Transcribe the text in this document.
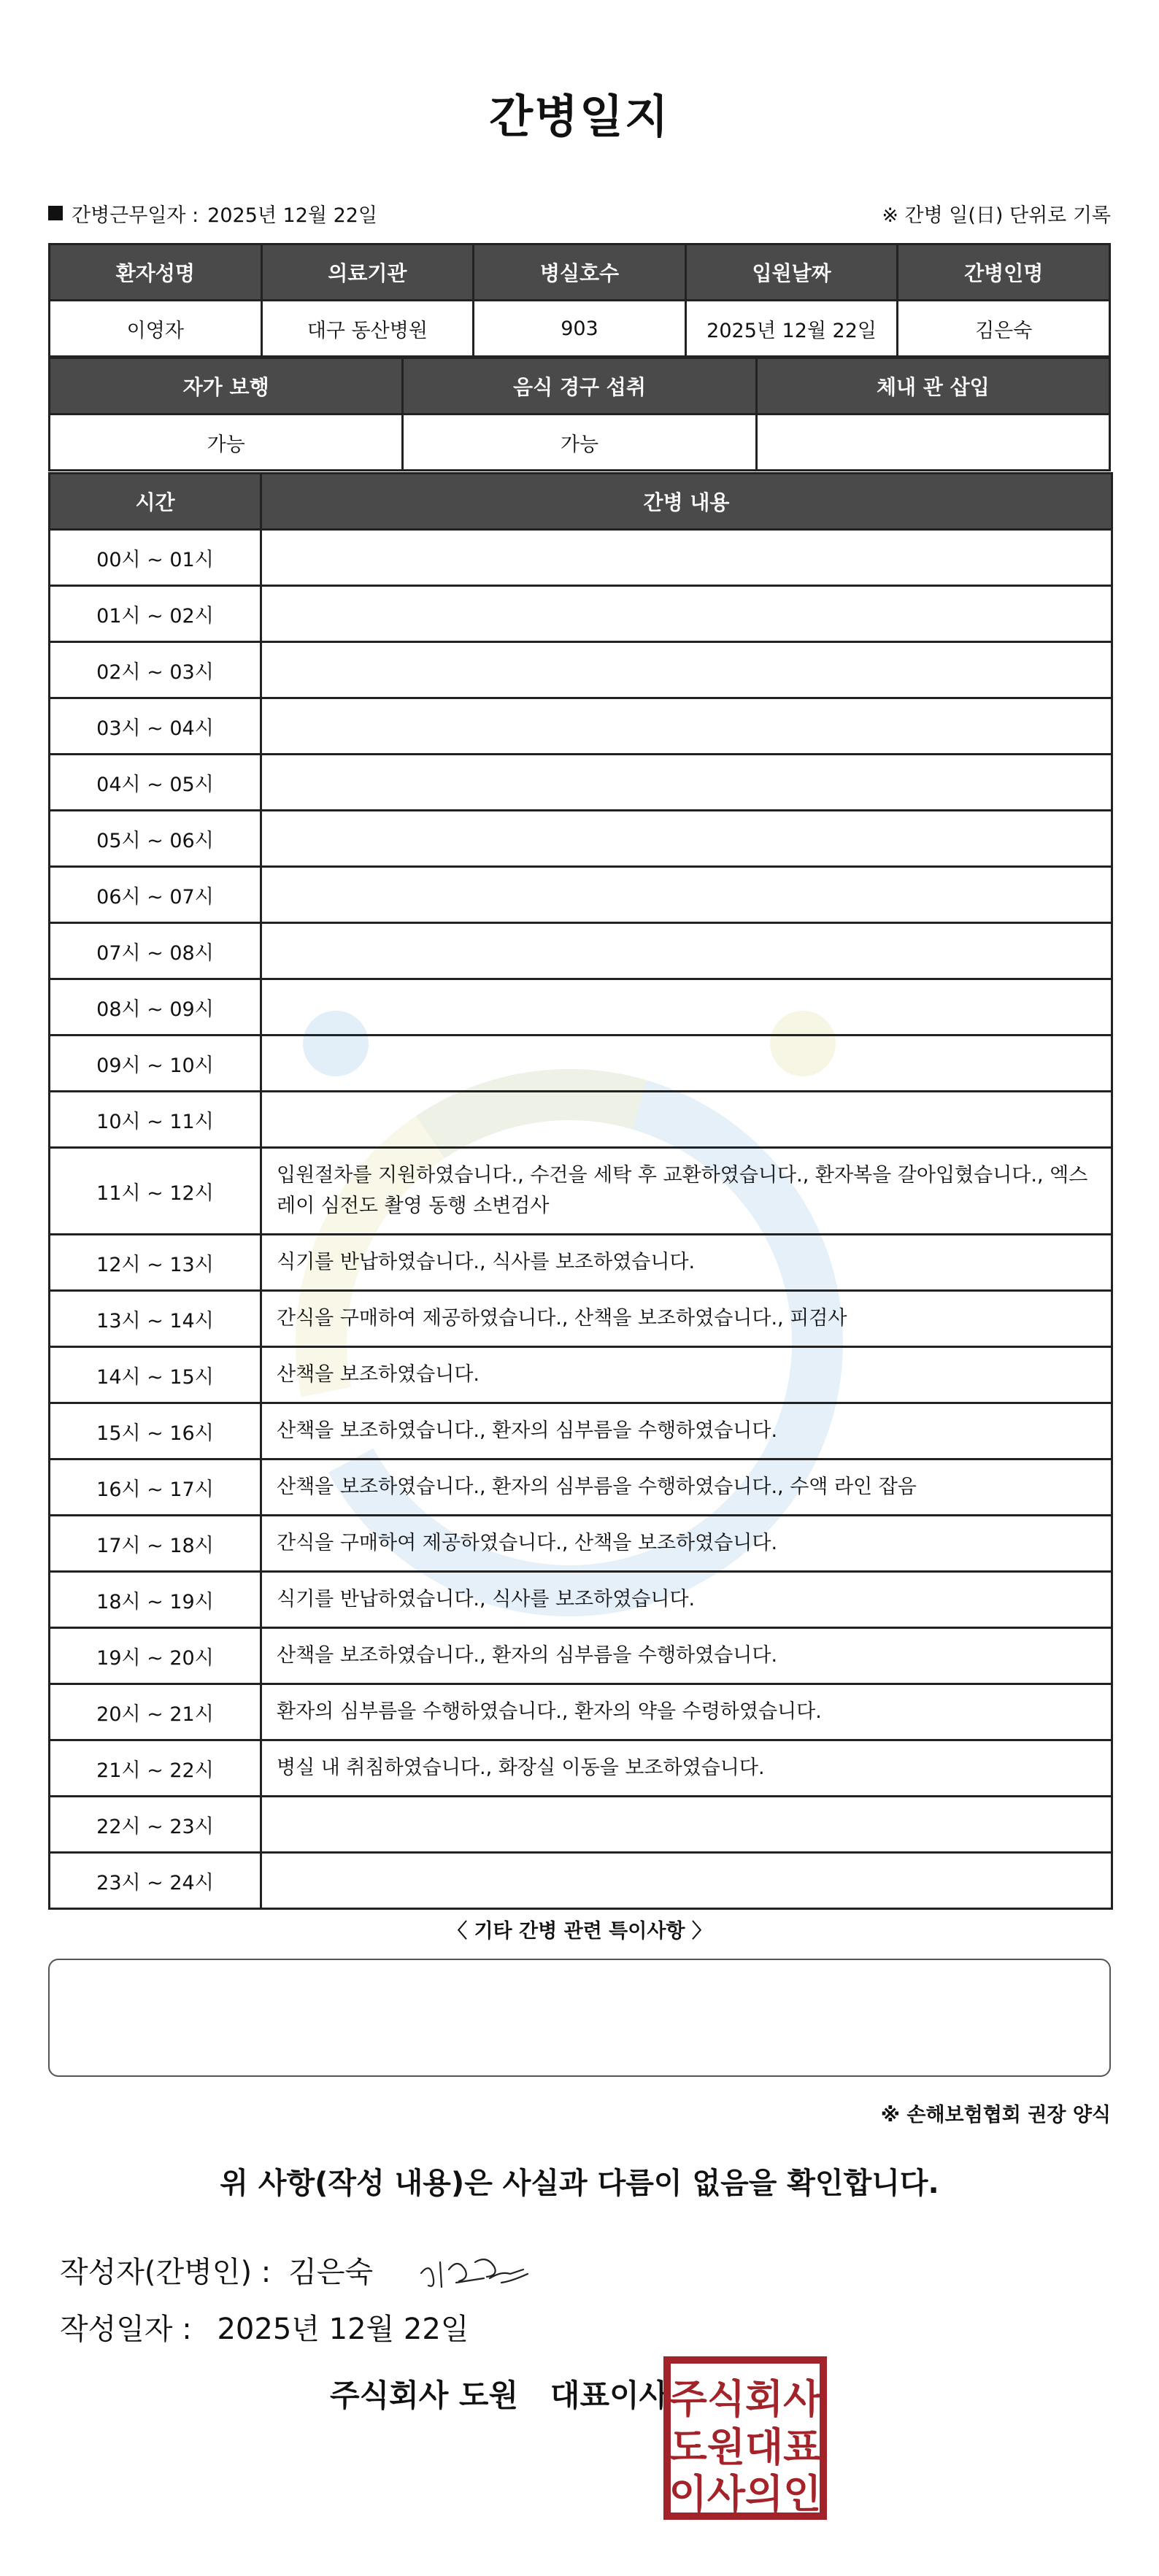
간병일지
간병근무일자 : 2025년 12월 22일	※ 간병 일(日) 단위로 기록
환자성명	의료기관	병실호수	입원날짜	간병인명
이영자	대구 동산병원	903	2025년 12월 22일	김은숙
자가 보행	음식 경구 섭취	체내 관 삽입
가능	가능	
시간	간병 내용
00시 ~ 01시	
01시 ~ 02시	
02시 ~ 03시	
03시 ~ 04시	
04시 ~ 05시	
05시 ~ 06시	
06시 ~ 07시	
07시 ~ 08시	
08시 ~ 09시	
09시 ~ 10시	
10시 ~ 11시	
11시 ~ 12시	입원절차를 지원하였습니다., 수건을 세탁 후 교환하였습니다., 환자복을 갈아입혔습니다., 엑스레이 심전도 촬영 동행 소변검사
12시 ~ 13시	식기를 반납하였습니다., 식사를 보조하였습니다.
13시 ~ 14시	간식을 구매하여 제공하였습니다., 산책을 보조하였습니다., 피검사
14시 ~ 15시	산책을 보조하였습니다.
15시 ~ 16시	산책을 보조하였습니다., 환자의 심부름을 수행하였습니다.
16시 ~ 17시	산책을 보조하였습니다., 환자의 심부름을 수행하였습니다., 수액 라인 잡음
17시 ~ 18시	간식을 구매하여 제공하였습니다., 산책을 보조하였습니다.
18시 ~ 19시	식기를 반납하였습니다., 식사를 보조하였습니다.
19시 ~ 20시	산책을 보조하였습니다., 환자의 심부름을 수행하였습니다.
20시 ~ 21시	환자의 심부름을 수행하였습니다., 환자의 약을 수령하였습니다.
21시 ~ 22시	병실 내 취침하였습니다., 화장실 이동을 보조하였습니다.
22시 ~ 23시	
23시 ~ 24시	
〈 기타 간병 관련 특이사항 〉
※ 손해보험협회 권장 양식
위 사항(작성 내용)은 사실과 다름이 없음을 확인합니다.
작성자(간병인) : 김은숙
작성일자 : 2025년 12월 22일
주식회사 도원   대표이사 주식회사
도원대표
이사의인
